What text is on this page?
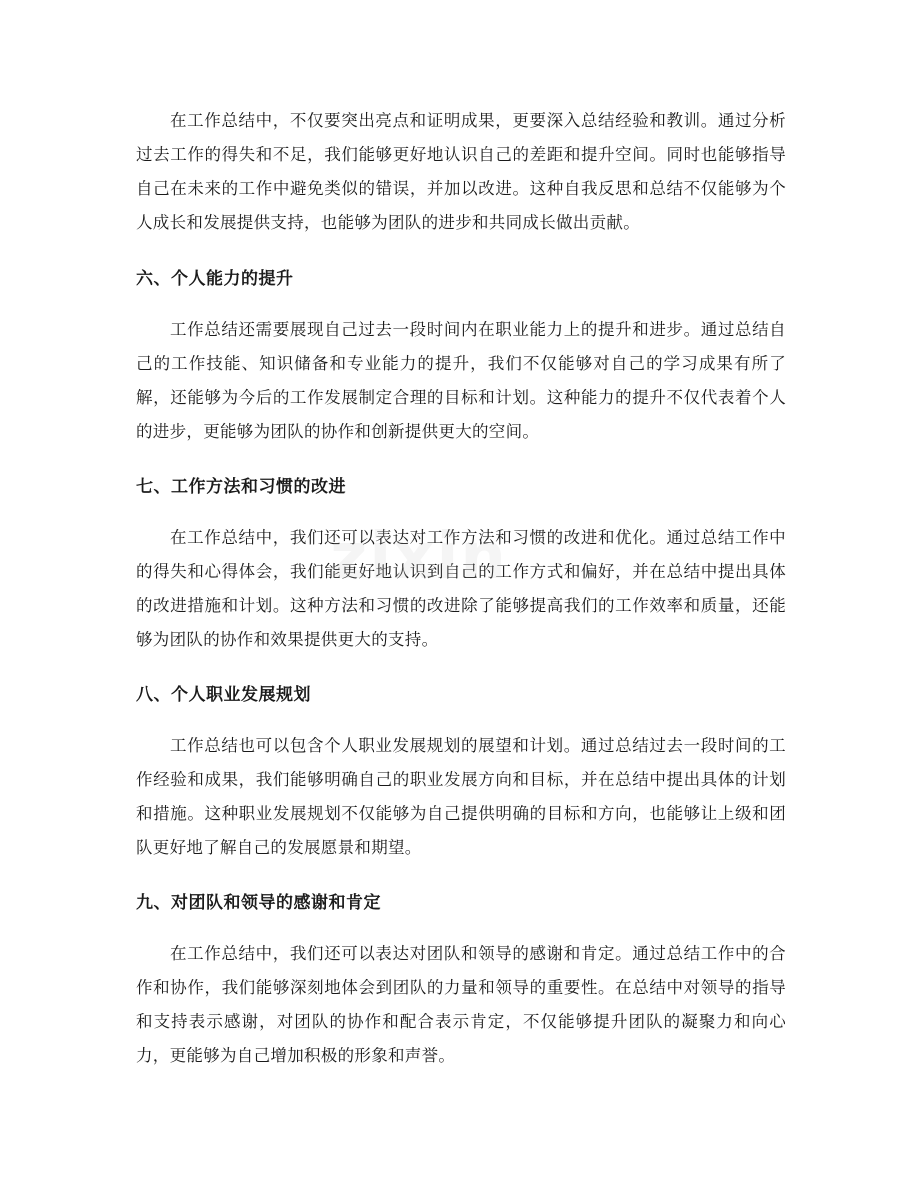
在工作总结中，不仅要突出亮点和证明成果，更要深入总结经验和教训。通过分析过去工作的得失和不足，我们能够更好地认识自己的差距和提升空间。同时也能够指导自己在未来的工作中避免类似的错误，并加以改进。这种自我反思和总结不仅能够为个人成长和发展提供支持，也能够为团队的进步和共同成长做出贡献。

六、个人能力的提升

工作总结还需要展现自己过去一段时间内在职业能力上的提升和进步。通过总结自己的工作技能、知识储备和专业能力的提升，我们不仅能够对自己的学习成果有所了解，还能够为今后的工作发展制定合理的目标和计划。这种能力的提升不仅代表着个人的进步，更能够为团队的协作和创新提供更大的空间。

七、工作方法和习惯的改进

在工作总结中，我们还可以表达对工作方法和习惯的改进和优化。通过总结工作中的得失和心得体会，我们能更好地认识到自己的工作方式和偏好，并在总结中提出具体的改进措施和计划。这种方法和习惯的改进除了能够提高我们的工作效率和质量，还能够为团队的协作和效果提供更大的支持。

八、个人职业发展规划

工作总结也可以包含个人职业发展规划的展望和计划。通过总结过去一段时间的工作经验和成果，我们能够明确自己的职业发展方向和目标，并在总结中提出具体的计划和措施。这种职业发展规划不仅能够为自己提供明确的目标和方向，也能够让上级和团队更好地了解自己的发展愿景和期望。

九、对团队和领导的感谢和肯定

在工作总结中，我们还可以表达对团队和领导的感谢和肯定。通过总结工作中的合作和协作，我们能够深刻地体会到团队的力量和领导的重要性。在总结中对领导的指导和支持表示感谢，对团队的协作和配合表示肯定，不仅能够提升团队的凝聚力和向心力，更能够为自己增加积极的形象和声誉。

zixin
